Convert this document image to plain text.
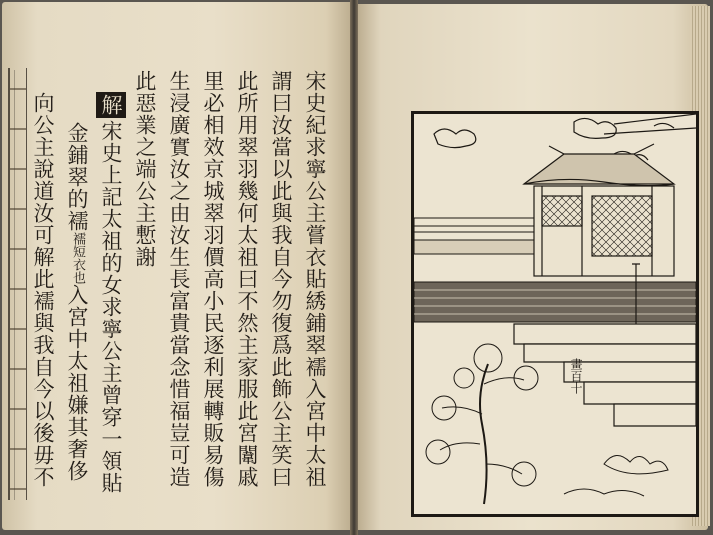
宋史紀求寧公主嘗衣貼綉鋪翠襦入宮中太祖
謂曰汝當以此與我自今勿復爲此飾公主笑曰
此所用翠羽幾何太祖曰不然主家服此宮闈戚
里必相效京城翠羽價高小民逐利展轉販易傷
生浸廣實汝之由汝生長富貴當念惜福豈可造
此惡業之端公主慙謝
解宋史上記太祖的女求寧公主曾穿一領貼
金鋪翠的襦襦短衣也入宮中太祖嫌其奢侈
向公主說道汝可解此襦與我自今以後毋不	畫百十
